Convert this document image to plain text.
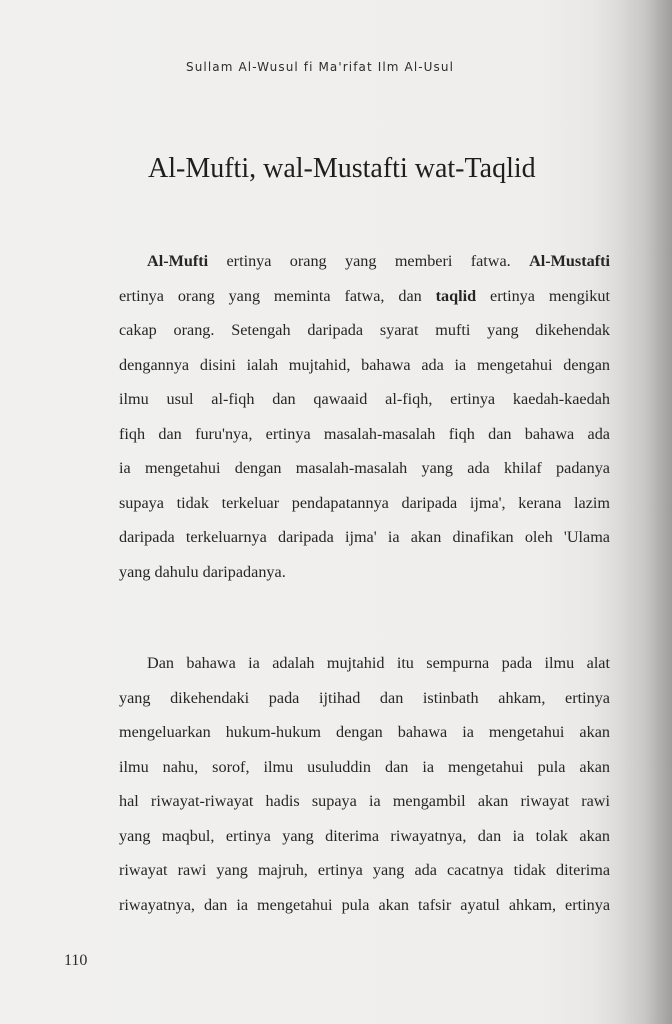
Sullam Al-Wusul fi Ma'rifat Ilm Al-Usul
Al-Mufti, wal-Mustafti wat-Taqlid
Al-Mufti ertinya orang yang memberi fatwa. Al-Mustafti
ertinya orang yang meminta fatwa, dan taqlid ertinya mengikut
cakap orang. Setengah daripada syarat mufti yang dikehendak
dengannya disini ialah mujtahid, bahawa ada ia mengetahui dengan
ilmu usul al-fiqh dan qawaaid al-fiqh, ertinya kaedah-kaedah
fiqh dan furu'nya, ertinya masalah-masalah fiqh dan bahawa ada
ia mengetahui dengan masalah-masalah yang ada khilaf padanya
supaya tidak terkeluar pendapatannya daripada ijma', kerana lazim
daripada terkeluarnya daripada ijma' ia akan dinafikan oleh 'Ulama
yang dahulu daripadanya.
Dan bahawa ia adalah mujtahid itu sempurna pada ilmu alat
yang dikehendaki pada ijtihad dan istinbath ahkam, ertinya
mengeluarkan hukum-hukum dengan bahawa ia mengetahui akan
ilmu nahu, sorof, ilmu usuluddin dan ia mengetahui pula akan
hal riwayat-riwayat hadis supaya ia mengambil akan riwayat rawi
yang maqbul, ertinya yang diterima riwayatnya, dan ia tolak akan
riwayat rawi yang majruh, ertinya yang ada cacatnya tidak diterima
riwayatnya, dan ia mengetahui pula akan tafsir ayatul ahkam, ertinya
110
